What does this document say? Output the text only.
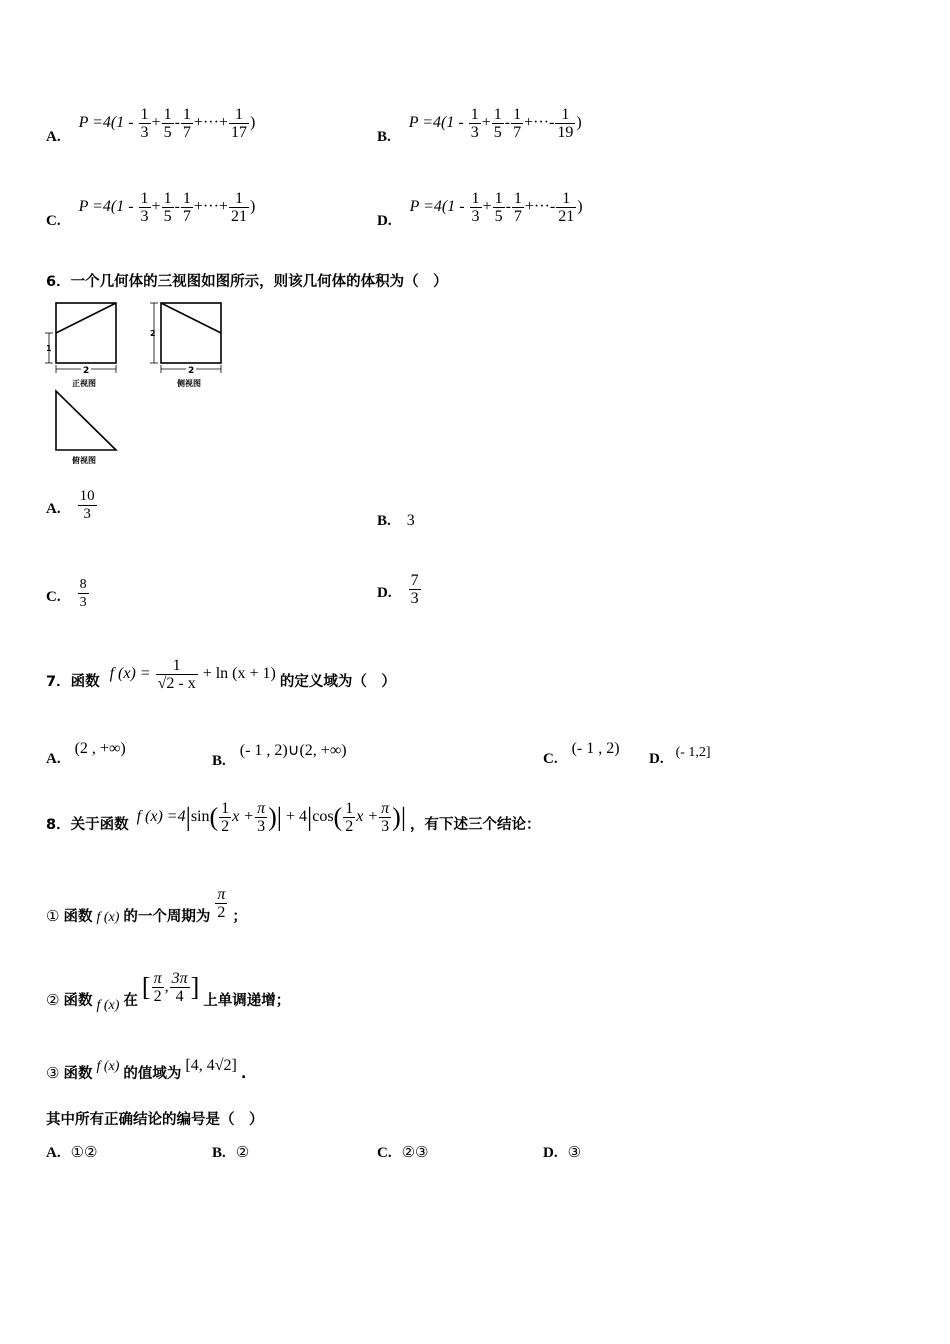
A. $P =4(1 - \frac{1}{3} + \frac{1}{5} - \frac{1}{7}$ +···+ $\frac{1}{17}$ )
B. $P =4(1 - \frac{1}{3} + \frac{1}{5} - \frac{1}{7}$ +···- $\frac{1}{19}$ )
C. $P =4(1 - \frac{1}{3} + \frac{1}{5} - \frac{1}{7}$ +···+ $\frac{1}{21}$ )
D. $P =4(1 - \frac{1}{3} + \frac{1}{5} - \frac{1}{7}$ +···- $\frac{1}{21}$ )
6．一个几何体的三视图如图所示，则该几何体的体积为（　）
1
2
正视图
2
2
侧视图
俯视图
A. $\frac{10}{3}$	B. 3
C. $\frac{8}{3}$	D. $\frac{7}{3}$
7．函数 f $(x) = \frac{1}{√2 - x} + \ln (x + 1)$ 的定义域为（　）
A. (2 , +∞)
B. (- 1 , 2)∪(2, +∞)	C. (- 1 , 2)
D. (- 1,2]
8．关于函数 f $(x) =4|\sin( \frac{1}{2}$ $x + \frac{\pi}{3}$ )| + $4|\cos( \frac{1}{2}$ $x + \frac{\pi}{3}$ )| ，有下述三个结论：
① 函数 f (x) 的一个周期为 $\frac{\pi}{2}$ ；
② 函数 f (x) 在 [ $\frac{\pi}{2}$ , $\frac{3\pi}{4}$ ] 上单调递增；
③ 函数 f (x) 的值域为 [4, 4√2] .
其中所有正确结论的编号是（　）
A. ①②	B. ②	C. ②③	D. ③
